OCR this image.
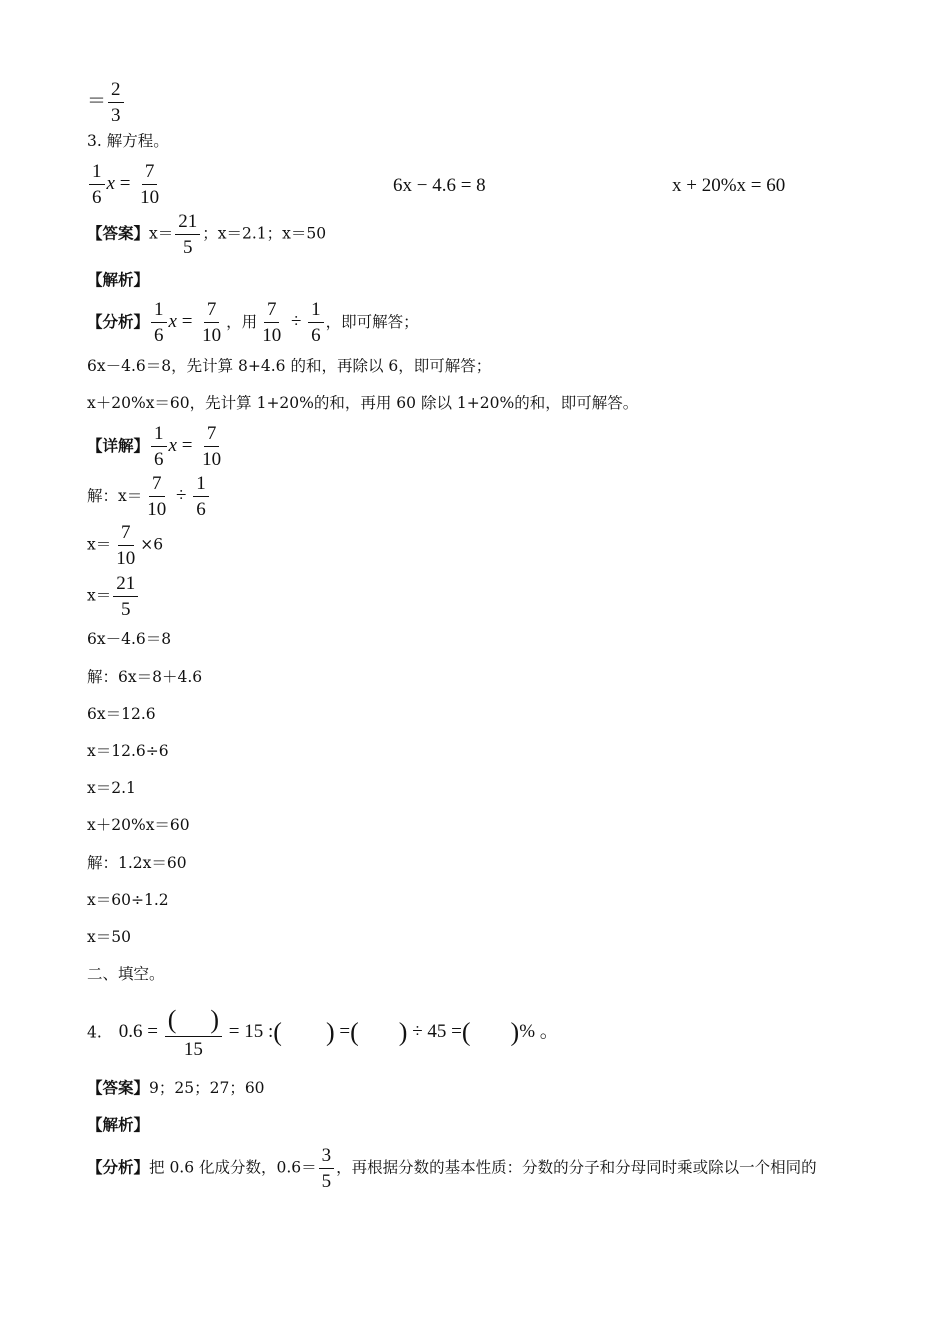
＝ $\frac{2}{3}$
3. 解方程。
$\frac{1}{6}$ $x = \frac{7}{10}$	6x − 4.6 = 8	x + 20%x = 60
【答案】$x= \frac{21}{5}$ ；x＝2.1；x＝50
【解析】
【分析】 $\frac{1}{6}$ $x = \frac{7}{10}$ ，用 $\frac{7}{10} \div \frac{1}{6}$ ，即可解答；
6x－4.6＝8，先计算 8+4.6 的和，再除以 6，即可解答；
x＋20%x＝60，先计算 1+20%的和，再用 60 除以 1+20%的和，即可解答。
【详解】 $\frac{1}{6}$ $x = \frac{7}{10}$
解：$x= \frac{7}{10} \div \frac{1}{6}$
$x= \frac{7}{10} \times 6$
$x= \frac{21}{5}$
6x－4.6＝8
解：6x＝8＋4.6
6x＝12.6
x＝12.6÷6
x＝2.1
x＋20%x＝60
解：1.2x＝60
x＝60÷1.2
x＝50
二、填空。
4. $0.6 = \frac{( )}{15} = 15$ :( ) =( ) ÷ 45 =( )% 。
【答案】9；25；27；60
【解析】
【分析】把 0.6 化成分数，$0.6= \frac{3}{5}$ ，再根据分数的基本性质：分数的分子和分母同时乘或除以一个相同的
